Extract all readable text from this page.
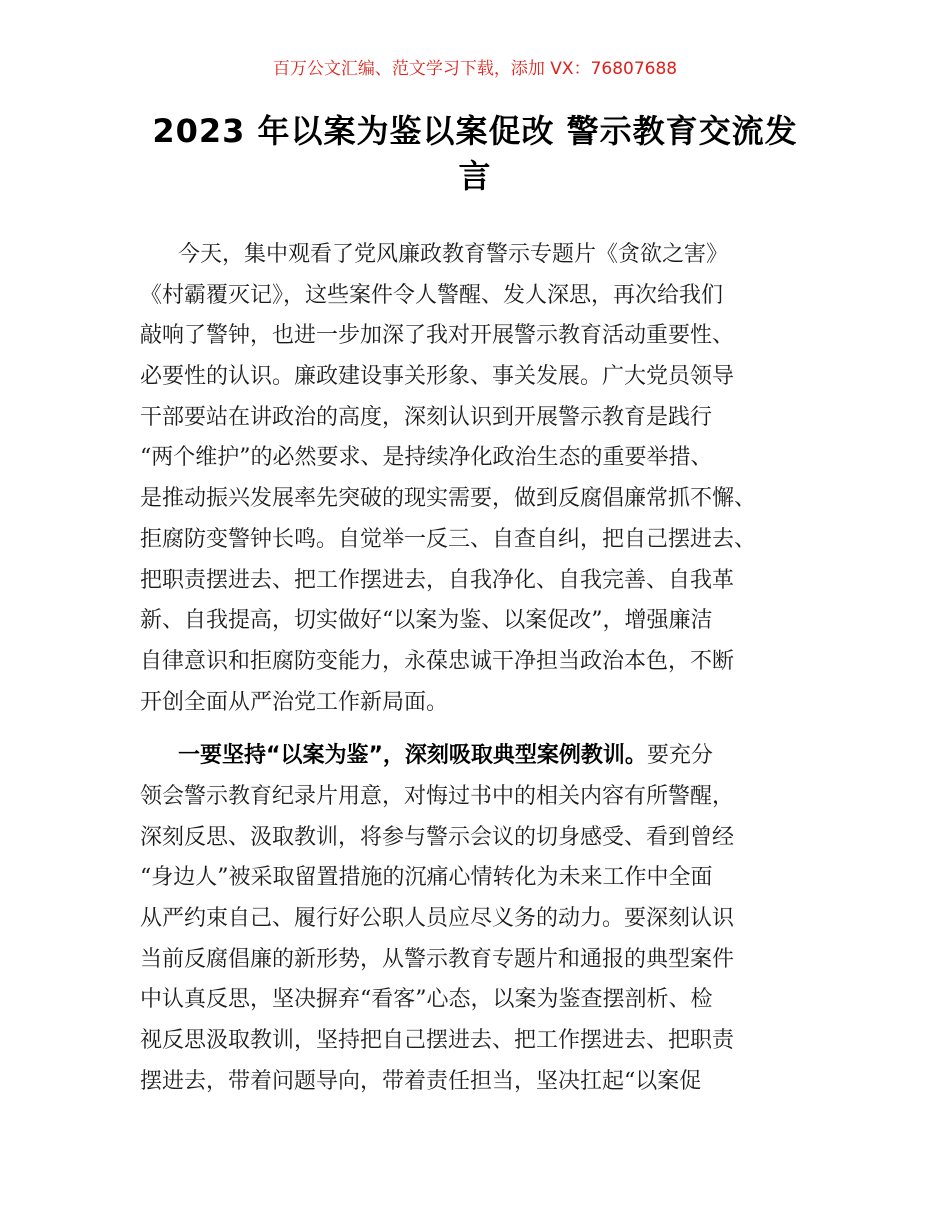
百万公文汇编、范文学习下载，添加 VX：76807688
2023 年以案为鉴以案促改 警示教育交流发
言
今天，集中观看了党风廉政教育警示专题片《贪欲之害》
《村霸覆灭记》，这些案件令人警醒、发人深思，再次给我们
敲响了警钟，也进一步加深了我对开展警示教育活动重要性、
必要性的认识。廉政建设事关形象、事关发展。广大党员领导
干部要站在讲政治的高度，深刻认识到开展警示教育是践行
“两个维护”的必然要求、是持续净化政治生态的重要举措、
是推动振兴发展率先突破的现实需要，做到反腐倡廉常抓不懈、
拒腐防变警钟长鸣。自觉举一反三、自查自纠，把自己摆进去、
把职责摆进去、把工作摆进去，自我净化、自我完善、自我革
新、自我提高，切实做好“以案为鉴、以案促改”，增强廉洁
自律意识和拒腐防变能力，永葆忠诚干净担当政治本色，不断
开创全面从严治党工作新局面。
一要坚持“以案为鉴”，深刻吸取典型案例教训。要充分
领会警示教育纪录片用意，对悔过书中的相关内容有所警醒，
深刻反思、汲取教训，将参与警示会议的切身感受、看到曾经
“身边人”被采取留置措施的沉痛心情转化为未来工作中全面
从严约束自己、履行好公职人员应尽义务的动力。要深刻认识
当前反腐倡廉的新形势，从警示教育专题片和通报的典型案件
中认真反思，坚决摒弃“看客”心态，以案为鉴查摆剖析、检
视反思汲取教训，坚持把自己摆进去、把工作摆进去、把职责
摆进去，带着问题导向，带着责任担当，坚决扛起“以案促
